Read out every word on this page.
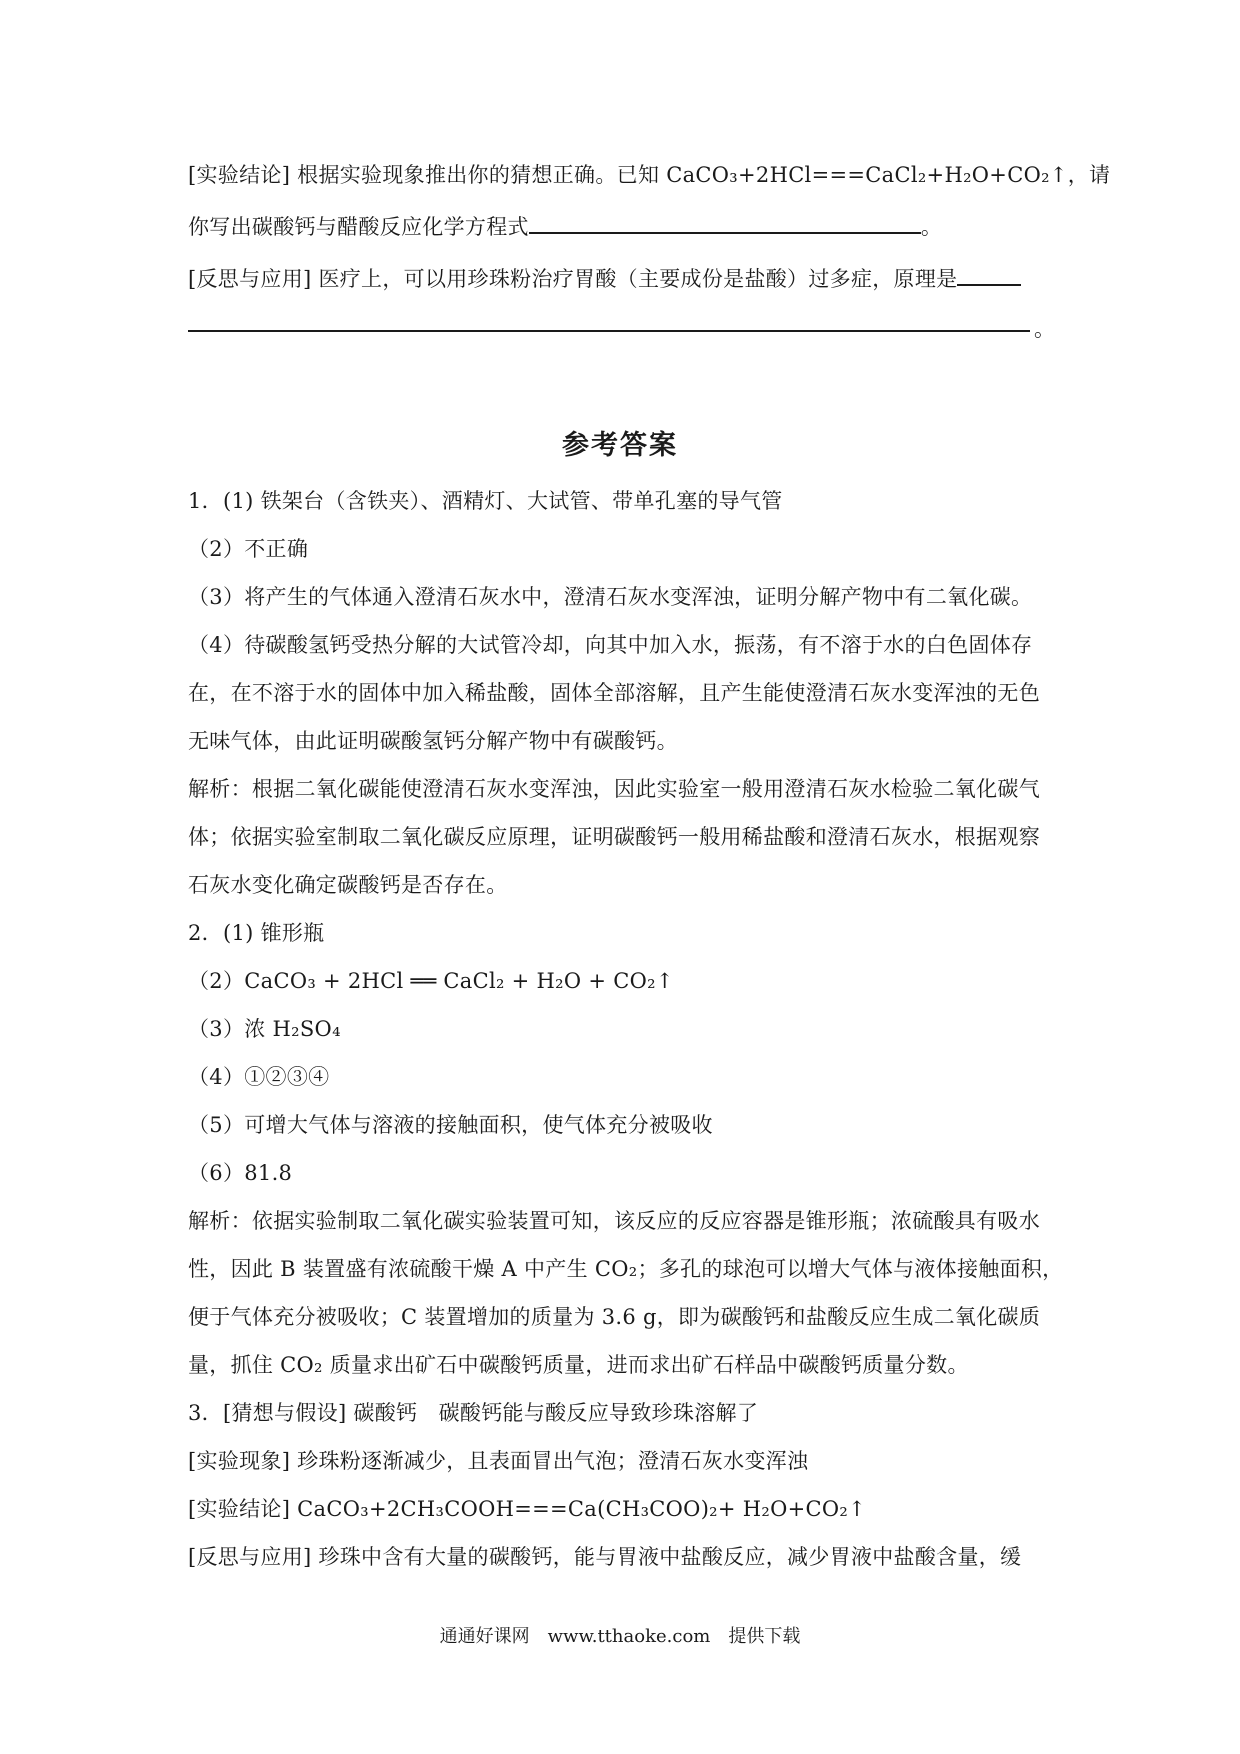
[实验结论] 根据实验现象推出你的猜想正确。已知 CaCO₃+2HCl===CaCl₂+H₂O+CO₂↑，请
你写出碳酸钙与醋酸反应化学方程式	。
[反思与应用] 医疗上，可以用珍珠粉治疗胃酸（主要成份是盐酸）过多症，原理是
。
参考答案
1．(1) 铁架台（含铁夹）、酒精灯、大试管、带单孔塞的导气管
（2）不正确
（3）将产生的气体通入澄清石灰水中，澄清石灰水变浑浊，证明分解产物中有二氧化碳。
（4）待碳酸氢钙受热分解的大试管冷却，向其中加入水，振荡，有不溶于水的白色固体存
在，在不溶于水的固体中加入稀盐酸，固体全部溶解，且产生能使澄清石灰水变浑浊的无色
无味气体，由此证明碳酸氢钙分解产物中有碳酸钙。
解析：根据二氧化碳能使澄清石灰水变浑浊，因此实验室一般用澄清石灰水检验二氧化碳气
体；依据实验室制取二氧化碳反应原理，证明碳酸钙一般用稀盐酸和澄清石灰水，根据观察
石灰水变化确定碳酸钙是否存在。
2．(1) 锥形瓶
（2）CaCO₃ + 2HCl ══ CaCl₂ + H₂O + CO₂↑
（3）浓 H₂SO₄
（4）①②③④
（5）可增大气体与溶液的接触面积，使气体充分被吸收
（6）81.8
解析：依据实验制取二氧化碳实验装置可知，该反应的反应容器是锥形瓶；浓硫酸具有吸水
性，因此 B 装置盛有浓硫酸干燥 A 中产生 CO₂；多孔的球泡可以增大气体与液体接触面积，
便于气体充分被吸收；C 装置增加的质量为 3.6 g，即为碳酸钙和盐酸反应生成二氧化碳质
量，抓住 CO₂ 质量求出矿石中碳酸钙质量，进而求出矿石样品中碳酸钙质量分数。
3．[猜想与假设] 碳酸钙　碳酸钙能与酸反应导致珍珠溶解了
[实验现象] 珍珠粉逐渐减少，且表面冒出气泡；澄清石灰水变浑浊
[实验结论] CaCO₃+2CH₃COOH===Ca(CH₃COO)₂+ H₂O+CO₂↑
[反思与应用] 珍珠中含有大量的碳酸钙，能与胃液中盐酸反应，减少胃液中盐酸含量，缓
通通好课网　www.tthaoke.com　提供下载
